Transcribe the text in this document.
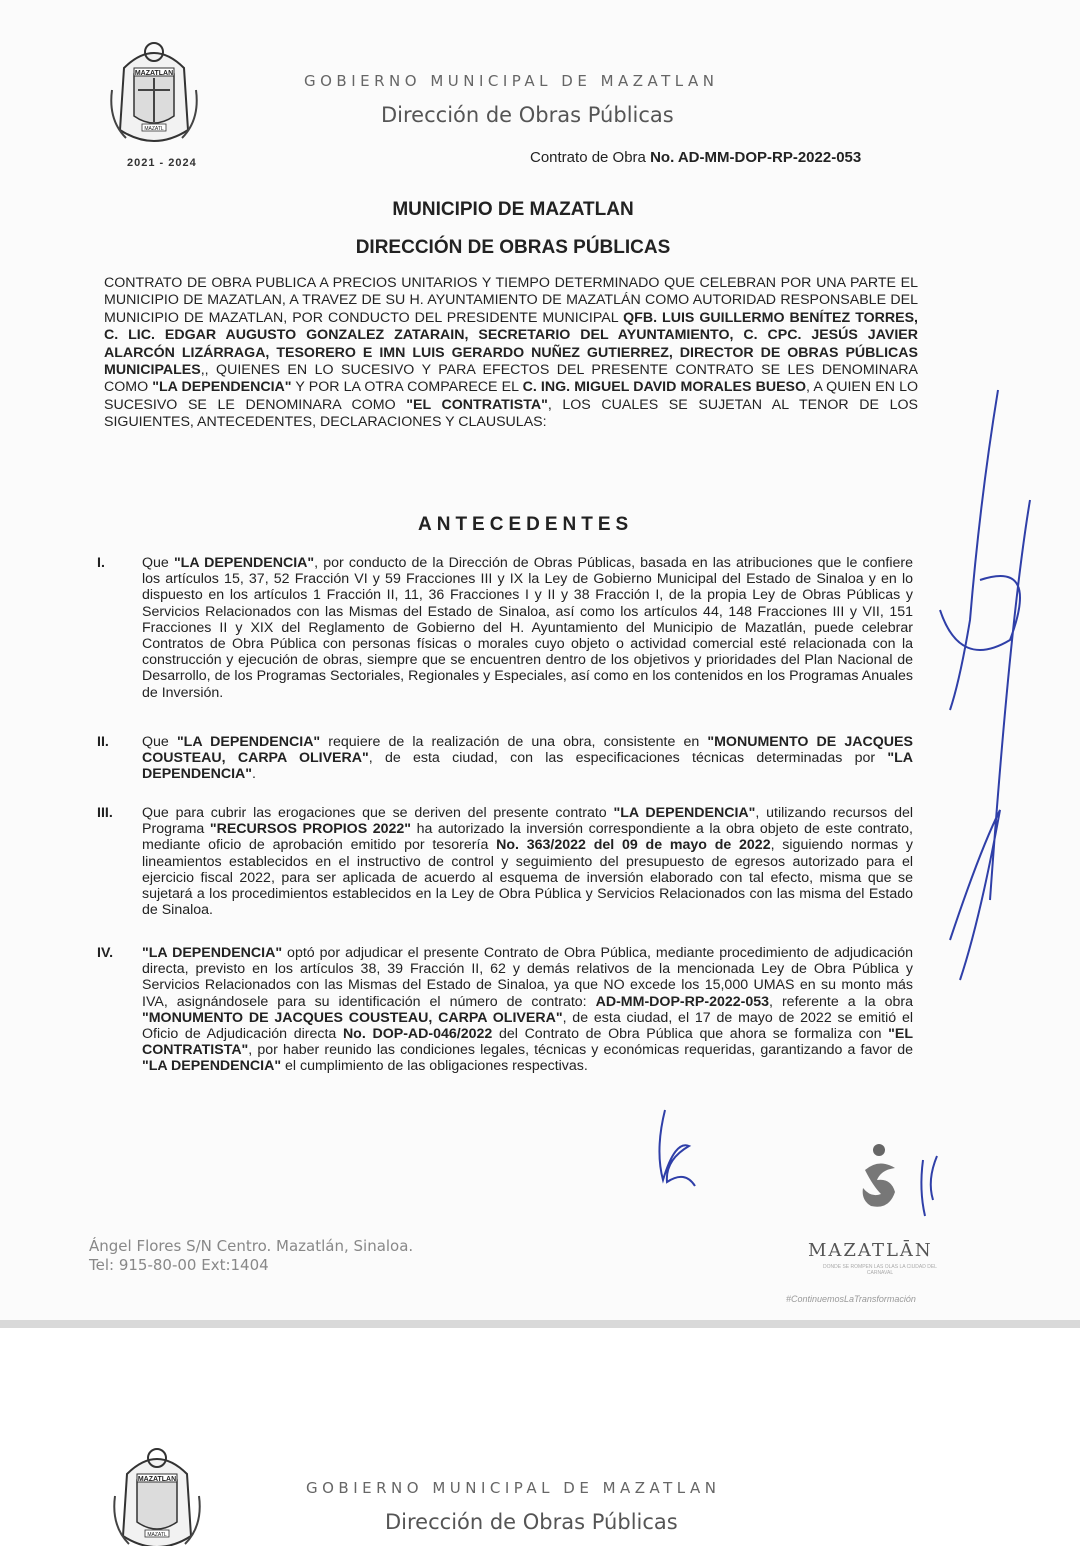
MAZATLAN
MAZATL
2021 - 2024
GOBIERNO MUNICIPAL DE MAZATLAN
Dirección de Obras Públicas
Contrato de Obra No. AD-MM-DOP-RP-2022-053
MUNICIPIO DE MAZATLAN
DIRECCIÓN DE OBRAS PÚBLICAS
CONTRATO DE OBRA PUBLICA A PRECIOS UNITARIOS Y TIEMPO DETERMINADO QUE CELEBRAN POR UNA PARTE EL MUNICIPIO DE MAZATLAN, A TRAVEZ DE SU H. AYUNTAMIENTO DE MAZATLÁN COMO AUTORIDAD RESPONSABLE DEL MUNICIPIO DE MAZATLAN, POR CONDUCTO DEL PRESIDENTE MUNICIPAL QFB. LUIS GUILLERMO BENÍTEZ TORRES, C. LIC. EDGAR AUGUSTO GONZALEZ ZATARAIN, SECRETARIO DEL AYUNTAMIENTO, C. CPC. JESÚS JAVIER ALARCÓN LIZÁRRAGA, TESORERO E IMN LUIS GERARDO NUÑEZ GUTIERREZ, DIRECTOR DE OBRAS PÚBLICAS MUNICIPALES,, QUIENES EN LO SUCESIVO Y PARA EFECTOS DEL PRESENTE CONTRATO SE LES DENOMINARA COMO "LA DEPENDENCIA" Y POR LA OTRA COMPARECE EL C. ING. MIGUEL DAVID MORALES BUESO, A QUIEN EN LO SUCESIVO SE LE DENOMINARA COMO "EL CONTRATISTA", LOS CUALES SE SUJETAN AL TENOR DE LOS SIGUIENTES, ANTECEDENTES, DECLARACIONES Y CLAUSULAS:
ANTECEDENTES
I.	Que "LA DEPENDENCIA", por conducto de la Dirección de Obras Públicas, basada en las atribuciones que le confiere los artículos 15, 37, 52 Fracción VI y 59 Fracciones III y IX la Ley de Gobierno Municipal del Estado de Sinaloa y en lo dispuesto en los artículos 1 Fracción II, 11, 36 Fracciones I y II y 38 Fracción I, de la propia Ley de Obras Públicas y Servicios Relacionados con las Mismas del Estado de Sinaloa, así como los artículos 44, 148 Fracciones III y VII, 151 Fracciones II y XIX del Reglamento de Gobierno del H. Ayuntamiento del Municipio de Mazatlán, puede celebrar Contratos de Obra Pública con personas físicas o morales cuyo objeto o actividad comercial esté relacionada con la construcción y ejecución de obras, siempre que se encuentren dentro de los objetivos y prioridades del Plan Nacional de Desarrollo, de los Programas Sectoriales, Regionales y Especiales, así como en los contenidos en los Programas Anuales de Inversión.
II. Que "LA DEPENDENCIA" requiere de la realización de una obra, consistente en "MONUMENTO DE JACQUES COUSTEAU, CARPA OLIVERA", de esta ciudad, con las especificaciones técnicas determinadas por "LA DEPENDENCIA".
III. Que para cubrir las erogaciones que se deriven del presente contrato "LA DEPENDENCIA", utilizando recursos del Programa "RECURSOS PROPIOS 2022" ha autorizado la inversión correspondiente a la obra objeto de este contrato, mediante oficio de aprobación emitido por tesorería No. 363/2022 del 09 de mayo de 2022, siguiendo normas y lineamientos establecidos en el instructivo de control y seguimiento del presupuesto de egresos autorizado para el ejercicio fiscal 2022, para ser aplicada de acuerdo al esquema de inversión elaborado con tal efecto, misma que se sujetará a los procedimientos establecidos en la Ley de Obra Pública y Servicios Relacionados con las misma del Estado de Sinaloa.
IV. "LA DEPENDENCIA" optó por adjudicar el presente Contrato de Obra Pública, mediante procedimiento de adjudicación directa, previsto en los artículos 38, 39 Fracción II, 62 y demás relativos de la mencionada Ley de Obra Pública y Servicios Relacionados con las Mismas del Estado de Sinaloa, ya que NO excede los 15,000 UMAS en su monto más IVA, asignándosele para su identificación el número de contrato: AD-MM-DOP-RP-2022-053, referente a la obra "MONUMENTO DE JACQUES COUSTEAU, CARPA OLIVERA", de esta ciudad, el 17 de mayo de 2022 se emitió el Oficio de Adjudicación directa No. DOP-AD-046/2022 del Contrato de Obra Pública que ahora se formaliza con "EL CONTRATISTA", por haber reunido las condiciones legales, técnicas y económicas requeridas, garantizando a favor de "LA DEPENDENCIA" el cumplimiento de las obligaciones respectivas.
Ángel Flores S/N Centro. Mazatlán, Sinaloa.
Tel: 915-80-00 Ext:1404
MAZATLĀN
DONDE SE ROMPEN LAS OLAS LA CIUDAD DEL CARNAVAL
#ContinuemosLaTransformación
MAZATLAN
MAZATL
GOBIERNO MUNICIPAL DE MAZATLAN
Dirección de Obras Públicas
